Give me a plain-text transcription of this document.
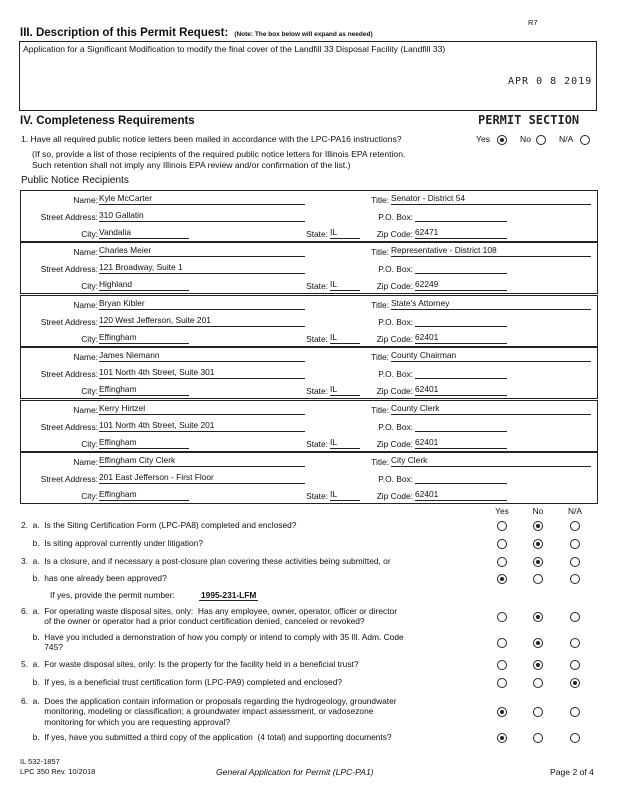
R7
III. Description of this Permit Request: (Note: The box below will expand as needed)
Application for a Significant Modification to modify the final cover of the Landfill 33 Disposal Facility (Landfill 33)
APR 0 8 2019
PERMIT SECTION
IV. Completeness Requirements
1. Have all required public notice letters been mailed in accordance with the LPC-PA16 instructions?	Yes	No	N/A
(If so, provide a list of those recipients of the required public notice letters for Illinois EPA retention.
Such retention shall not imply any Illinois EPA review and/or confirmation of the list.)
Public Notice Recipients
Name: Kyle McCarter	Title: Senator - District 54
Street Address: 310 Gallatin	P.O. Box:
City: Vandalia	State: IL	Zip Code: 62471
Name: Charles Meier	Title: Representative - District 108
Street Address: 121 Broadway, Suite 1	P.O. Box:
City: Highland	State: IL	Zip Code: 62249
Name: Bryan Kibler	Title: State's Attorney
Street Address: 120 West Jefferson, Suite 201	P.O. Box:
City: Effingham	State: IL	Zip Code: 62401
Name: James Niemann	Title: County Chairman
Street Address: 101 North 4th Street, Suite 301	P.O. Box:
City: Effingham	State: IL	Zip Code: 62401
Name: Kerry Hirtzel	Title: County Clerk
Street Address: 101 North 4th Street, Suite 201	P.O. Box:
City: Effingham	State: IL	Zip Code: 62401
Name: Effingham City Clerk	Title: City Clerk
Street Address: 201 East Jefferson - First Floor	P.O. Box:
City: Effingham	State: IL	Zip Code: 62401
Yes	No	N/A
2.  a.  Is the Siting Certification Form (LPC-PA8) completed and enclosed?
b.  Is siting approval currently under litigation?
3.  a.  Is a closure, and if necessary a post-closure plan covering these activities being submitted, or
b.  has one already been approved?
6.  a.  For operating waste disposal sites, only:  Has any employee, owner, operator, officer or director
of the owner or operator had a prior conduct certification denied, canceled or revoked?
b.  Have you included a demonstration of how you comply or intend to comply with 35 Ill. Adm. Code
745?
5.  a.  For waste disposal sites, only: Is the property for the facility held in a beneficial trust?
b.  If yes, is a beneficial trust certification form (LPC-PA9) completed and enclosed?
6.  a.  Does the application contain information or proposals regarding the hydrogeology, groundwater
monitoring, modeling or classification; a groundwater impact assessment, or vadosezone
monitoring for which you are requesting approval?
b.  If yes, have you submitted a third copy of the application  (4 total) and supporting documents?
If yes, provide the permit number:	1995-231-LFM
IL 532-1857
LPC 350 Rev. 10/2018	General Application for Permit (LPC-PA1)	Page 2 of 4
